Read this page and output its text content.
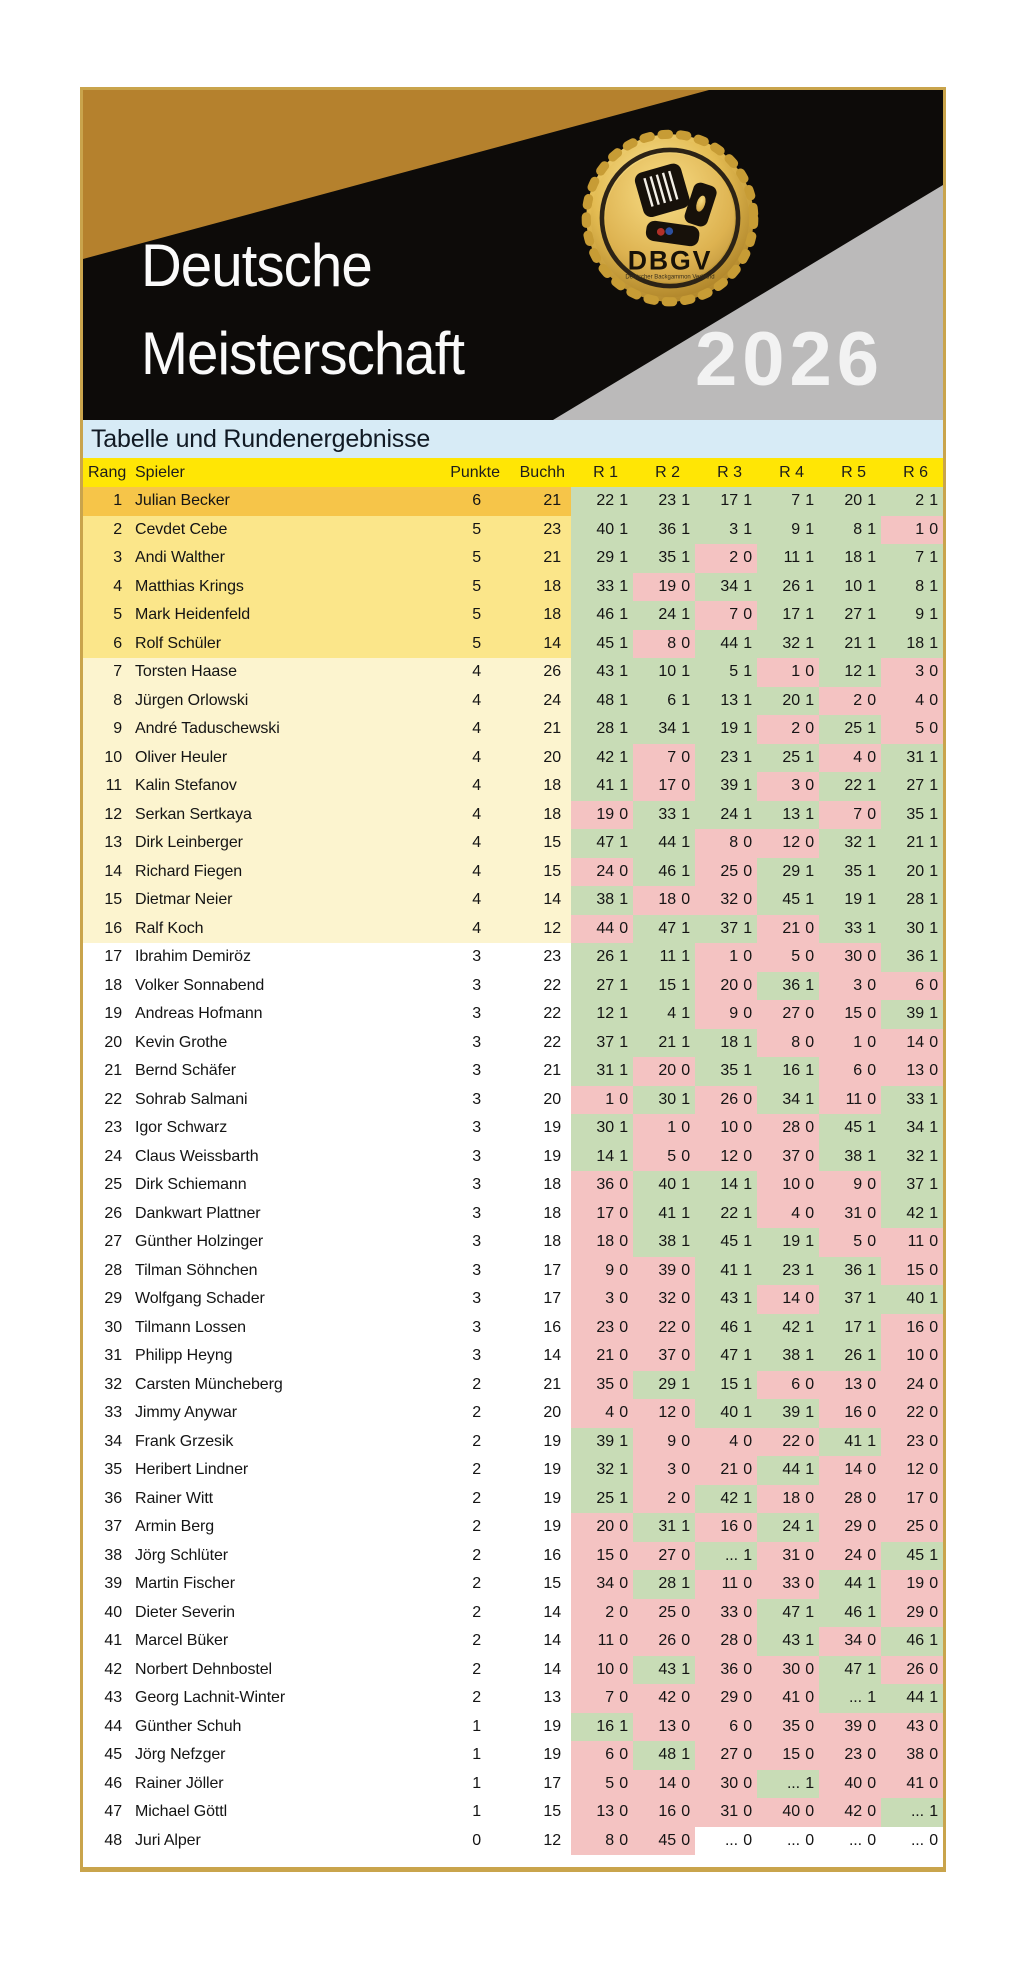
Deutsche
Meisterschaft	2026
DBGV
Deutscher Backgammon Verband
Tabelle und Rundenergebnisse
Rang Spieler	Punkte	Buchh	R 1	R 2	R 3	R 4	R 5	R 6
1 Julian Becker	6	21	22 1	23 1	17 1	7 1	20 1	2 1
2 Cevdet Cebe	5	23	40 1	36 1	3 1	9 1	8 1	1 0
3 Andi Walther	5	21	29 1	35 1	2 0	11 1	18 1	7 1
4 Matthias Krings	5	18	33 1	19 0	34 1	26 1	10 1	8 1
5 Mark Heidenfeld	5	18	46 1	24 1	7 0	17 1	27 1	9 1
6 Rolf Schüler	5	14	45 1	8 0	44 1	32 1	21 1	18 1
7 Torsten Haase	4	26	43 1	10 1	5 1	1 0	12 1	3 0
8 Jürgen Orlowski	4	24	48 1	6 1	13 1	20 1	2 0	4 0
9 André Taduschewski	4	21	28 1	34 1	19 1	2 0	25 1	5 0
10 Oliver Heuler	4	20	42 1	7 0	23 1	25 1	4 0	31 1
11 Kalin Stefanov	4	18	41 1	17 0	39 1	3 0	22 1	27 1
12 Serkan Sertkaya	4	18	19 0	33 1	24 1	13 1	7 0	35 1
13 Dirk Leinberger	4	15	47 1	44 1	8 0	12 0	32 1	21 1
14 Richard Fiegen	4	15	24 0	46 1	25 0	29 1	35 1	20 1
15 Dietmar Neier	4	14	38 1	18 0	32 0	45 1	19 1	28 1
16 Ralf Koch	4	12	44 0	47 1	37 1	21 0	33 1	30 1
17 Ibrahim Demiröz	3	23	26 1	11 1	1 0	5 0	30 0	36 1
18 Volker Sonnabend	3	22	27 1	15 1	20 0	36 1	3 0	6 0
19 Andreas Hofmann	3	22	12 1	4 1	9 0	27 0	15 0	39 1
20 Kevin Grothe	3	22	37 1	21 1	18 1	8 0	1 0	14 0
21 Bernd Schäfer	3	21	31 1	20 0	35 1	16 1	6 0	13 0
22 Sohrab Salmani	3	20	1 0	30 1	26 0	34 1	11 0	33 1
23 Igor Schwarz	3	19	30 1	1 0	10 0	28 0	45 1	34 1
24 Claus Weissbarth	3	19	14 1	5 0	12 0	37 0	38 1	32 1
25 Dirk Schiemann	3	18	36 0	40 1	14 1	10 0	9 0	37 1
26 Dankwart Plattner	3	18	17 0	41 1	22 1	4 0	31 0	42 1
27 Günther Holzinger	3	18	18 0	38 1	45 1	19 1	5 0	11 0
28 Tilman Söhnchen	3	17	9 0	39 0	41 1	23 1	36 1	15 0
29 Wolfgang Schader	3	17	3 0	32 0	43 1	14 0	37 1	40 1
30 Tilmann Lossen	3	16	23 0	22 0	46 1	42 1	17 1	16 0
31 Philipp Heyng	3	14	21 0	37 0	47 1	38 1	26 1	10 0
32 Carsten Müncheberg	2	21	35 0	29 1	15 1	6 0	13 0	24 0
33 Jimmy Anywar	2	20	4 0	12 0	40 1	39 1	16 0	22 0
34 Frank Grzesik	2	19	39 1	9 0	4 0	22 0	41 1	23 0
35 Heribert Lindner	2	19	32 1	3 0	21 0	44 1	14 0	12 0
36 Rainer Witt	2	19	25 1	2 0	42 1	18 0	28 0	17 0
37 Armin Berg	2	19	20 0	31 1	16 0	24 1	29 0	25 0
38 Jörg Schlüter	2	16	15 0	27 0	... 1	31 0	24 0	45 1
39 Martin Fischer	2	15	34 0	28 1	11 0	33 0	44 1	19 0
40 Dieter Severin	2	14	2 0	25 0	33 0	47 1	46 1	29 0
41 Marcel Büker	2	14	11 0	26 0	28 0	43 1	34 0	46 1
42 Norbert Dehnbostel	2	14	10 0	43 1	36 0	30 0	47 1	26 0
43 Georg Lachnit-Winter	2	13	7 0	42 0	29 0	41 0	... 1	44 1
44 Günther Schuh	1	19	16 1	13 0	6 0	35 0	39 0	43 0
45 Jörg Nefzger	1	19	6 0	48 1	27 0	15 0	23 0	38 0
46 Rainer Jöller	1	17	5 0	14 0	30 0	... 1	40 0	41 0
47 Michael Göttl	1	15	13 0	16 0	31 0	40 0	42 0	... 1
48 Juri Alper	0	12	8 0	45 0	... 0	... 0	... 0	... 0
